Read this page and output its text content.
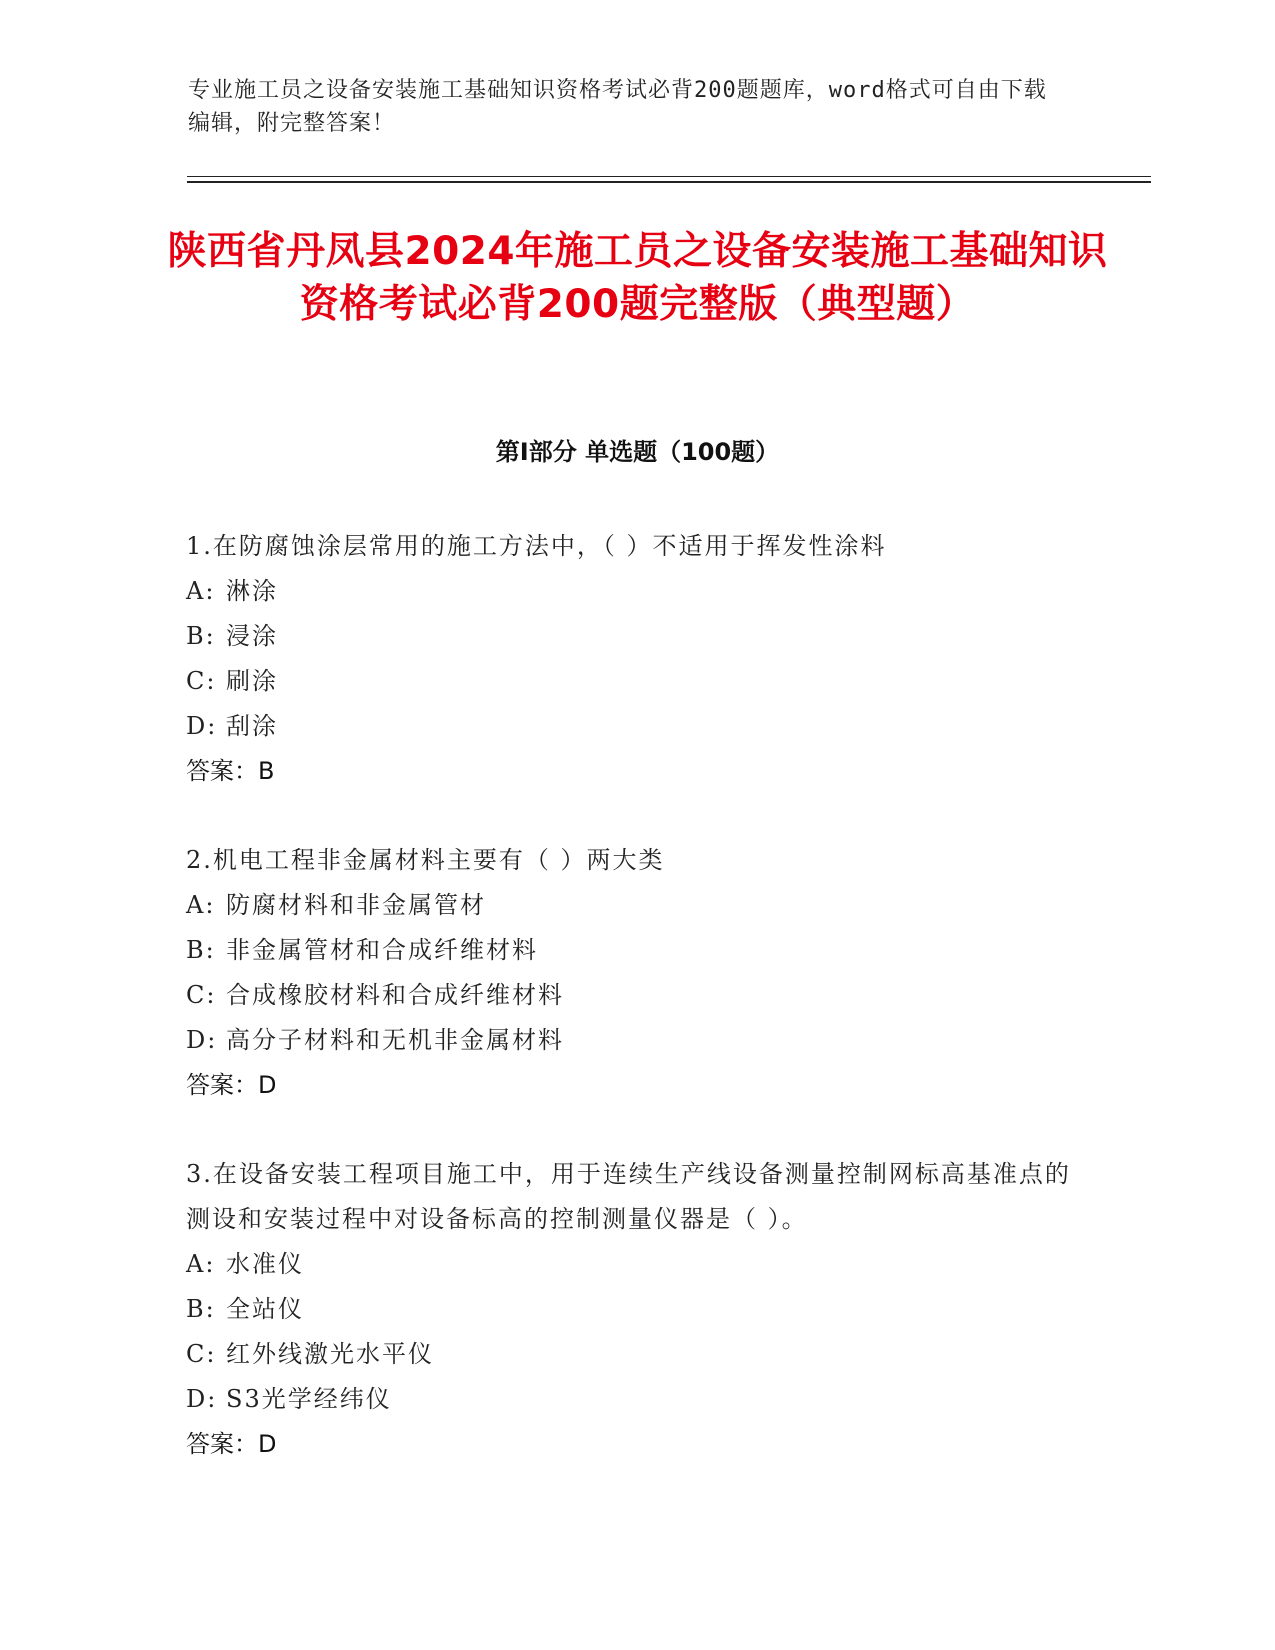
专业施工员之设备安装施工基础知识资格考试必背200题题库，word格式可自由下载编辑，附完整答案！
陕西省丹凤县2024年施工员之设备安装施工基础知识资格考试必背200题完整版（典型题）
第I部分 单选题（100题）
1.在防腐蚀涂层常用的施工方法中，（ ）不适用于挥发性涂料
A: 淋涂
B: 浸涂
C: 刷涂
D: 刮涂
答案：B
2.机电工程非金属材料主要有（ ）两大类
A: 防腐材料和非金属管材
B: 非金属管材和合成纤维材料
C: 合成橡胶材料和合成纤维材料
D: 高分子材料和无机非金属材料
答案：D
3.在设备安装工程项目施工中，用于连续生产线设备测量控制网标高基准点的测设和安装过程中对设备标高的控制测量仪器是（ ）。
A: 水准仪
B: 全站仪
C: 红外线激光水平仪
D: S3光学经纬仪
答案：D
